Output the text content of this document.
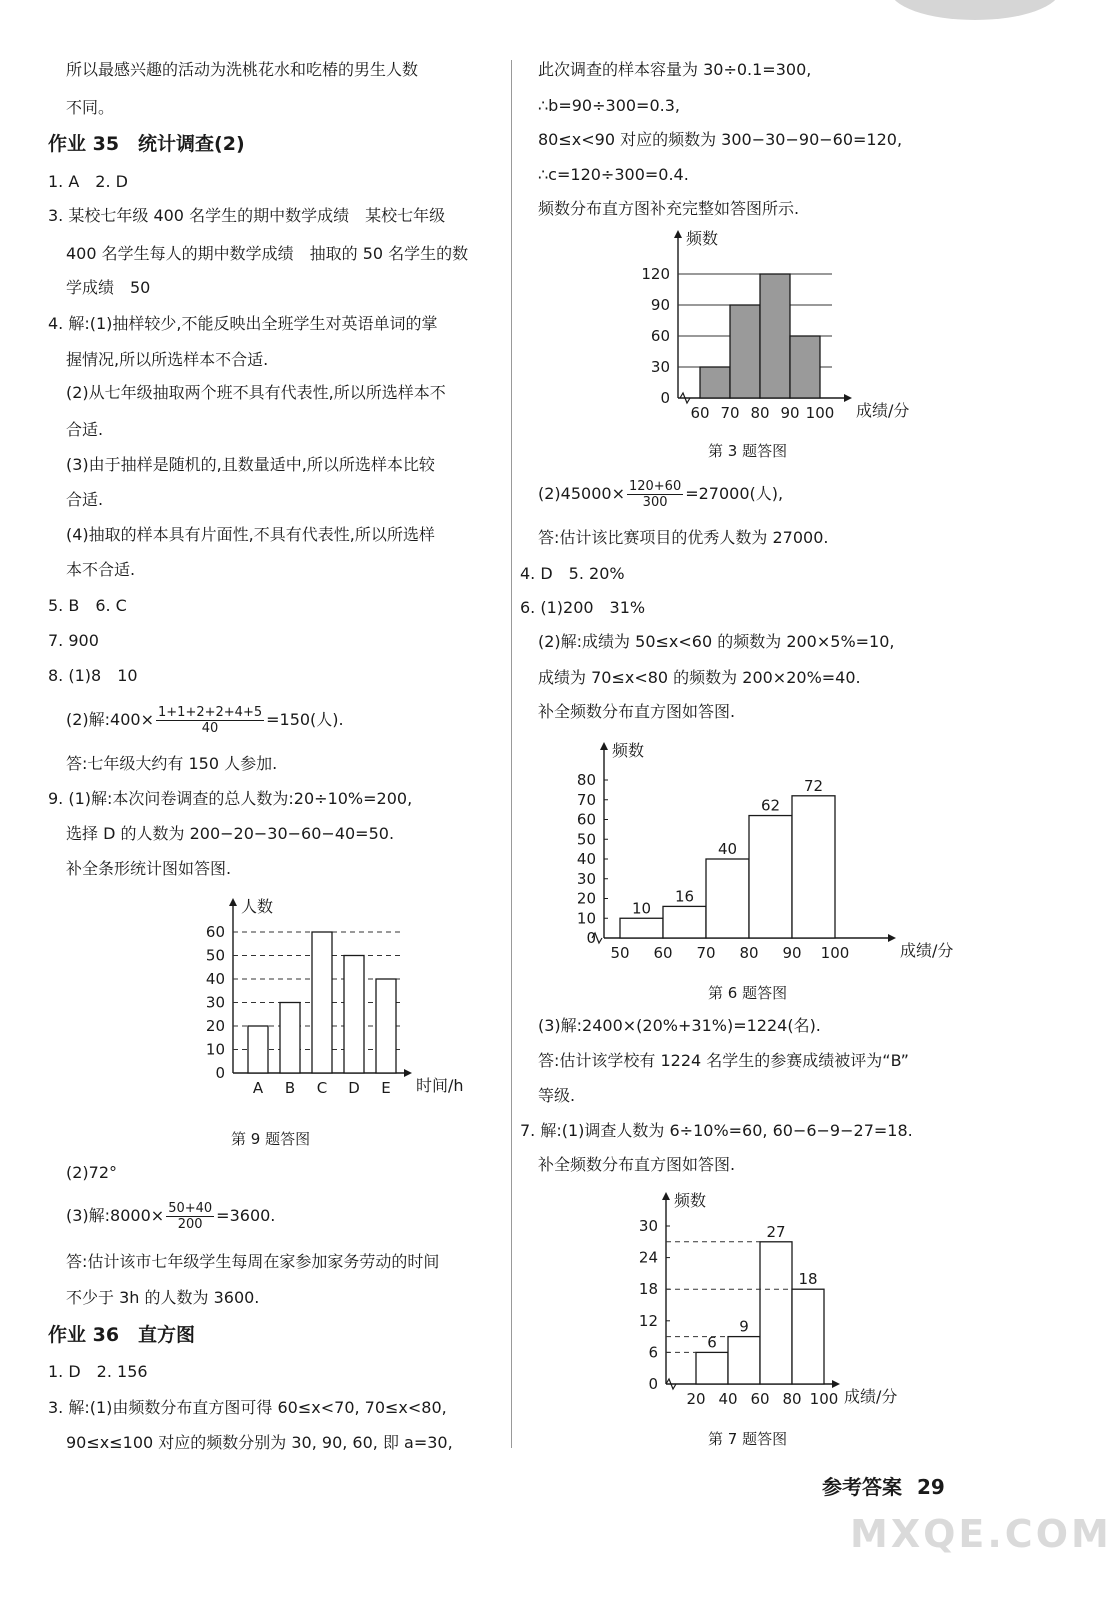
所以最感兴趣的活动为洗桃花水和吃椿的男生人数
不同。
作业 35　统计调查(2)
1. A　2. D
3. 某校七年级 400 名学生的期中数学成绩　某校七年级
400 名学生每人的期中数学成绩　抽取的 50 名学生的数
学成绩　50
4. 解:(1)抽样较少,不能反映出全班学生对英语单词的掌
握情况,所以所选样本不合适.
(2)从七年级抽取两个班不具有代表性,所以所选样本不
合适.
(3)由于抽样是随机的,且数量适中,所以所选样本比较
合适.
(4)抽取的样本具有片面性,不具有代表性,所以所选样
本不合适.
5. B　6. C
7. 900
8. (1)8　10
(2)解:400× $\frac{1+1+2+2+4+5}{40} =150$(人).
答:七年级大约有 150 人参加.
9. (1)解:本次问卷调查的总人数为:20÷10%=200,
选择 D 的人数为 200−20−30−60−40=50.
补全条形统计图如答图.
人数
时间/h
0
10
20
30
40
50
60
A B C D E
第 9 题答图
(2)72°
(3)解:8000× $\frac{50+40}{200} =3600$.
答:估计该市七年级学生每周在家参加家务劳动的时间
不少于 3h 的人数为 3600.
作业 36　直方图
1. D　2. 156
3. 解:(1)由频数分布直方图可得 60≤x<70, 70≤x<80,
90≤x≤100 对应的频数分别为 30, 90, 60, 即 a=30,
此次调查的样本容量为 30÷0.1=300,
∴b=90÷300=0.3,
80≤x<90 对应的频数为 300−30−90−60=120,
∴c=120÷300=0.4.
频数分布直方图补充完整如答图所示.
频数
成绩/分
0
30
60
90
120
60 70 80 90 100
第 3 题答图
$(2)45000\times \frac{120+60}{300} =27000$(人),
答:估计该比赛项目的优秀人数为 27000.
4. D　5. 20%
6. (1)200　31%
(2)解:成绩为 50≤x<60 的频数为 200×5%=10,
成绩为 70≤x<80 的频数为 200×20%=40.
补全频数分布直方图如答图.
频数
成绩/分
0
10
20
30
40
50
60
70
80
50 60 70 80 90 100
10
16
40
62
72
第 6 题答图
(3)解:2400×(20%+31%)=1224(名).
答:估计该学校有 1224 名学生的参赛成绩被评为“B”
等级.
7. 解:(1)调查人数为 6÷10%=60, 60−6−9−27=18.
补全频数分布直方图如答图.
频数
成绩/分
0
6
12
18
24
30
20 40 60 80 100
6
9
27
18
第 7 题答图
参考答案 29
MXQE.COM
